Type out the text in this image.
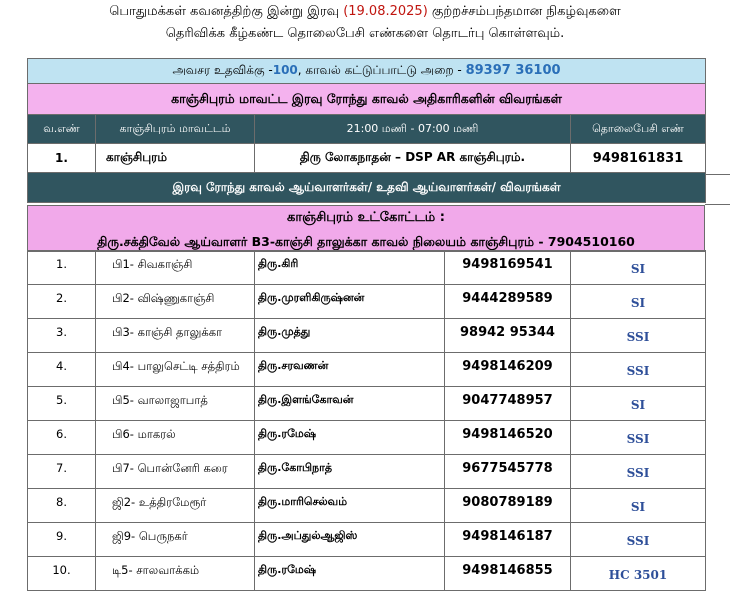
பொதுமக்கள் கவனத்திற்கு இன்று இரவு (19.08.2025) குற்றச்சம்பந்தமான நிகழ்வுகளை
தெரிவிக்க கீழ்கண்ட தொலைபேசி எண்களை தொடர்பு கொள்ளவும்.
அவசர உதவிக்கு -100, காவல் கட்டுப்பாட்டு அறை - 89397 36100			
காஞ்சிபுரம் மாவட்ட இரவு ரோந்து காவல் அதிகாரிகளின் விவரங்கள்			
வ.எண்	காஞ்சிபுரம் மாவட்டம்	21:00 மணி - 07:00 மணி	தொலைபேசி எண்
1.	காஞ்சிபுரம்	திரு லோகநாதன் – DSP AR காஞ்சிபுரம்.	9498161831
இரவு ரோந்து காவல் ஆய்வாளர்கள்/ உதவி ஆய்வாளர்கள்/ விவரங்கள்			
காஞ்சிபுரம் உட்கோட்டம் :
திரு.சக்திவேல் ஆய்வாளர் B3-காஞ்சி தாலுக்கா காவல் நிலையம் காஞ்சிபுரம் - 7904510160
1.	பி1- சிவகாஞ்சி	திரு.கிரி	9498169541	SI
2.	பி2- விஷ்ணுகாஞ்சி	திரு.முரளிகிருஷ்னன்	9444289589	SI
3.	பி3- காஞ்சி தாலுக்கா	திரு.முத்து	98942 95344	SSI
4.	பி4- பாலுசெட்டி சத்திரம்	திரு.சரவணன்	9498146209	SSI
5.	பி5- வாலாஜாபாத்	திரு.இளங்கோவன்	9047748957	SI
6.	பி6- மாகரல்	திரு.ரமேஷ்	9498146520	SSI
7.	பி7- பொன்னேரி கரை	திரு.கோபிநாத்	9677545778	SSI
8.	ஜி2- உத்திரமேரூர்	திரு.மாரிசெல்வம்	9080789189	SI
9.	ஜி9- பெருநகர்	திரு.அப்துல்ஆஜிஸ்	9498146187	SSI
10.	டி5- சாலவாக்கம்	திரு.ரமேஷ்	9498146855	HC 3501
